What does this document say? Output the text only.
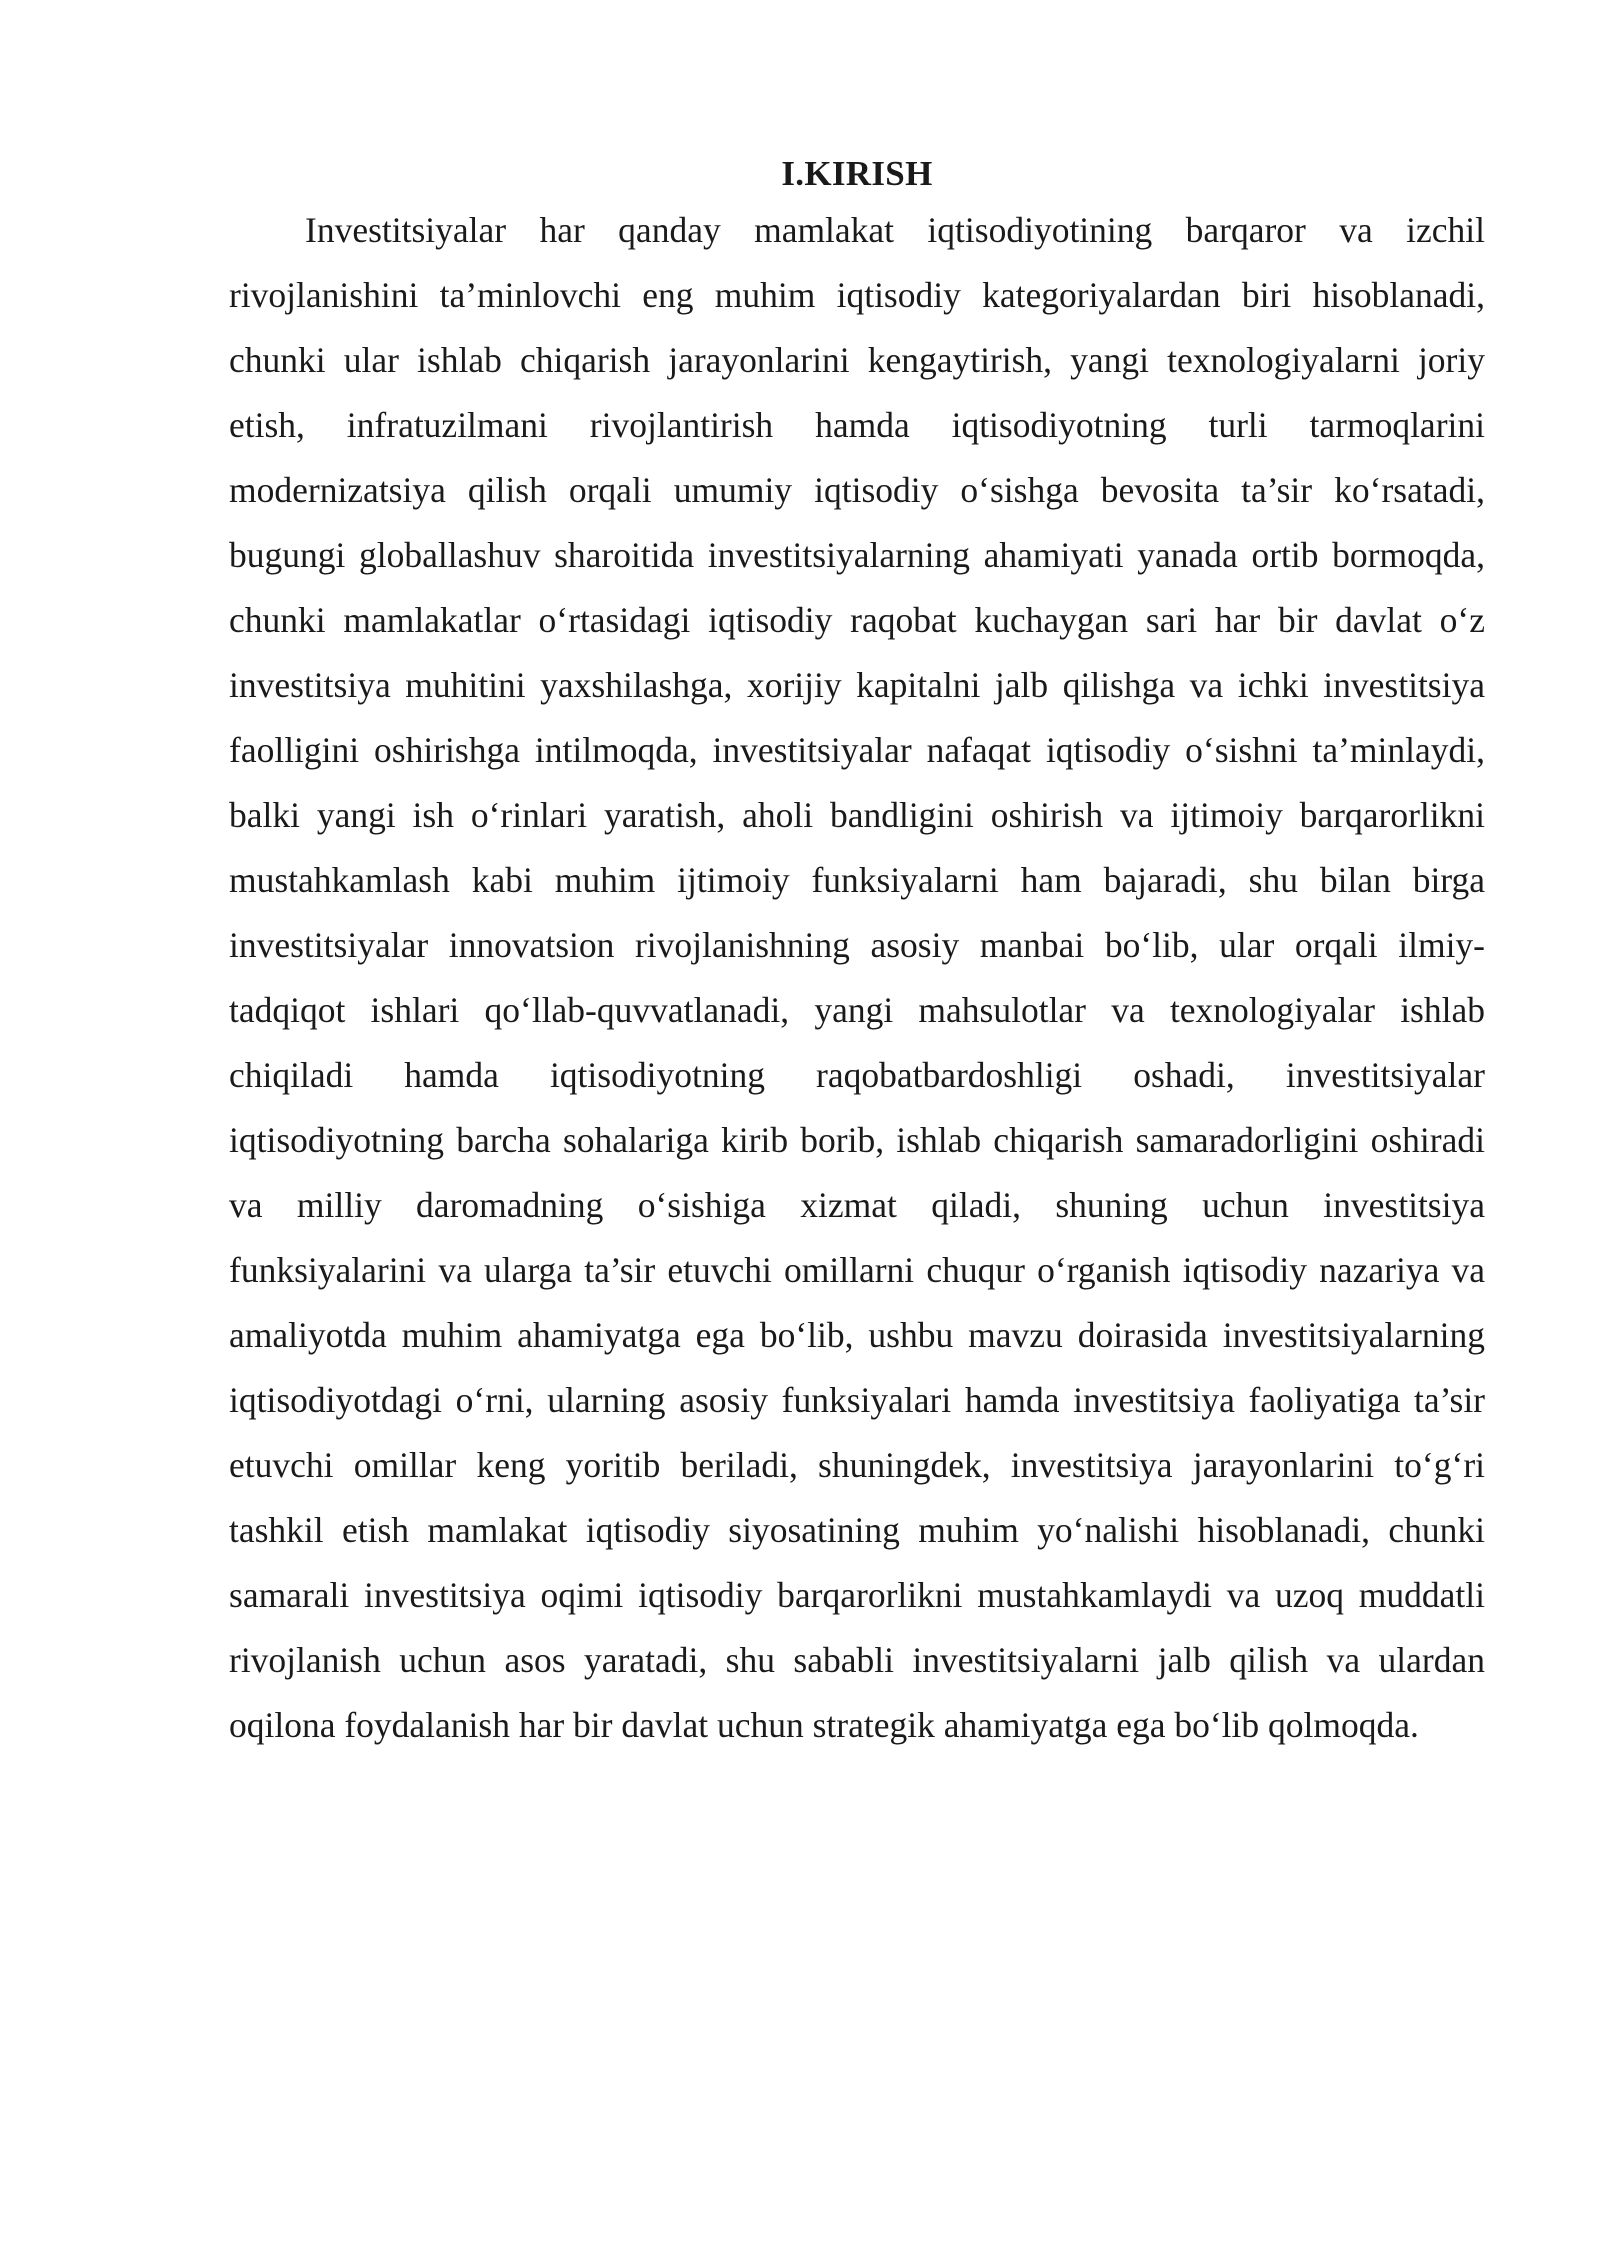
I.KIRISH

Investitsiyalar har qanday mamlakat iqtisodiyotining barqaror va izchil rivojlanishini ta’minlovchi eng muhim iqtisodiy kategoriyalardan biri hisoblanadi, chunki ular ishlab chiqarish jarayonlarini kengaytirish, yangi texnologiyalarni joriy etish, infratuzilmani rivojlantirish hamda iqtisodiyotning turli tarmoqlarini modernizatsiya qilish orqali umumiy iqtisodiy o‘sishga bevosita ta’sir ko‘rsatadi, bugungi globallashuv sharoitida investitsiyalarning ahamiyati yanada ortib bormoqda, chunki mamlakatlar o‘rtasidagi iqtisodiy raqobat kuchaygan sari har bir davlat o‘z investitsiya muhitini yaxshilashga, xorijiy kapitalni jalb qilishga va ichki investitsiya faolligini oshirishga intilmoqda, investitsiyalar nafaqat iqtisodiy o‘sishni ta’minlaydi, balki yangi ish o‘rinlari yaratish, aholi bandligini oshirish va ijtimoiy barqarorlikni mustahkamlash kabi muhim ijtimoiy funksiyalarni ham bajaradi, shu bilan birga investitsiyalar innovatsion rivojlanishning asosiy manbai bo‘lib, ular orqali ilmiy-tadqiqot ishlari qo‘llab-quvvatlanadi, yangi mahsulotlar va texnologiyalar ishlab chiqiladi hamda iqtisodiyotning raqobatbardoshligi oshadi, investitsiyalar iqtisodiyotning barcha sohalariga kirib borib, ishlab chiqarish samaradorligini oshiradi va milliy daromadning o‘sishiga xizmat qiladi, shuning uchun investitsiya funksiyalarini va ularga ta’sir etuvchi omillarni chuqur o‘rganish iqtisodiy nazariya va amaliyotda muhim ahamiyatga ega bo‘lib, ushbu mavzu doirasida investitsiyalarning iqtisodiyotdagi o‘rni, ularning asosiy funksiyalari hamda investitsiya faoliyatiga ta’sir etuvchi omillar keng yoritib beriladi, shuningdek, investitsiya jarayonlarini to‘g‘ri tashkil etish mamlakat iqtisodiy siyosatining muhim yo‘nalishi hisoblanadi, chunki samarali investitsiya oqimi iqtisodiy barqarorlikni mustahkamlaydi va uzoq muddatli rivojlanish uchun asos yaratadi, shu sababli investitsiyalarni jalb qilish va ulardan oqilona foydalanish har bir davlat uchun strategik ahamiyatga ega bo‘lib qolmoqda.
